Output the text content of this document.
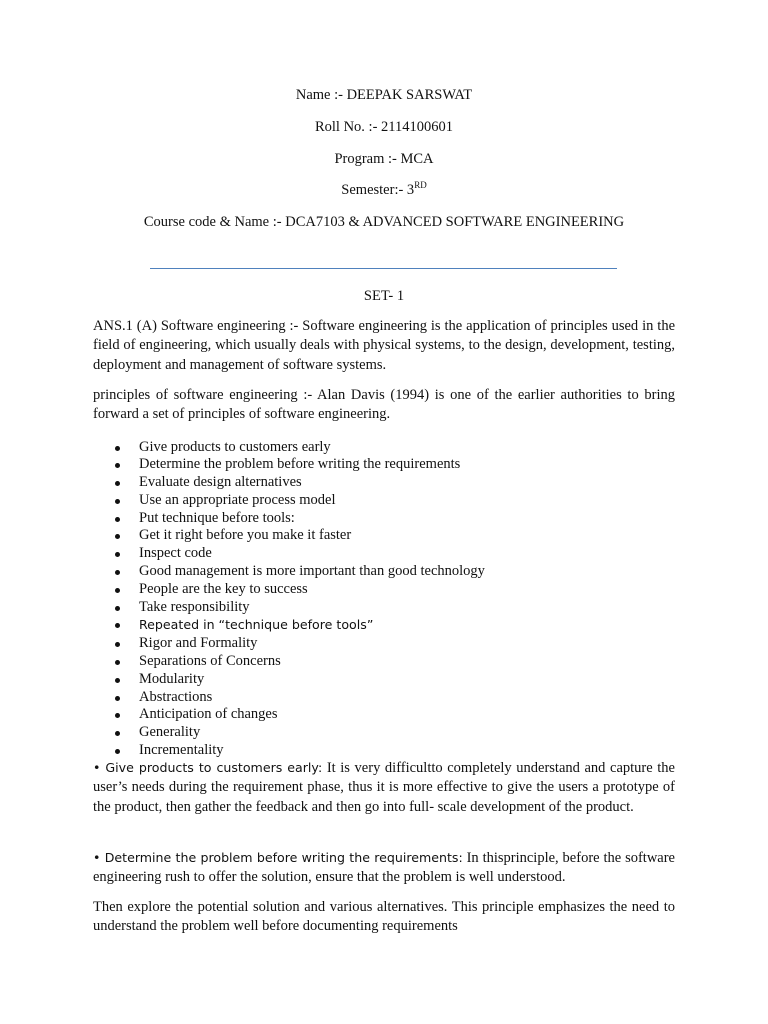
Name :- DEEPAK SARSWAT
Roll No. :- 2114100601
Program :- MCA
Semester:- 3RD
Course code & Name :- DCA7103 & ADVANCED SOFTWARE ENGINEERING
SET- 1
ANS.1 (A) Software engineering :- Software engineering is the application of principles used in the field of engineering, which usually deals with physical systems, to the design, development, testing, deployment and management of software systems.
principles of software engineering :- Alan Davis (1994) is one of the earlier authorities to bring forward a set of principles of software engineering.
Give products to customers early
Determine the problem before writing the requirements
Evaluate design alternatives
Use an appropriate process model
Put technique before tools:
Get it right before you make it faster
Inspect code
Good management is more important than good technology
People are the key to success
Take responsibility
Repeated in “technique before tools”
Rigor and Formality
Separations of Concerns
Modularity
Abstractions
Anticipation of changes
Generality
Incrementality
• Give products to customers early: It is very difficultto completely understand and capture the user’s needs during the requirement phase, thus it is more effective to give the users a prototype of the product, then gather the feedback and then go into full- scale development of the product.
• Determine the problem before writing the requirements: In thisprinciple, before the software engineering rush to offer the solution, ensure that the problem is well understood.
Then explore the potential solution and various alternatives. This principle emphasizes the need to understand the problem well before documenting requirements
